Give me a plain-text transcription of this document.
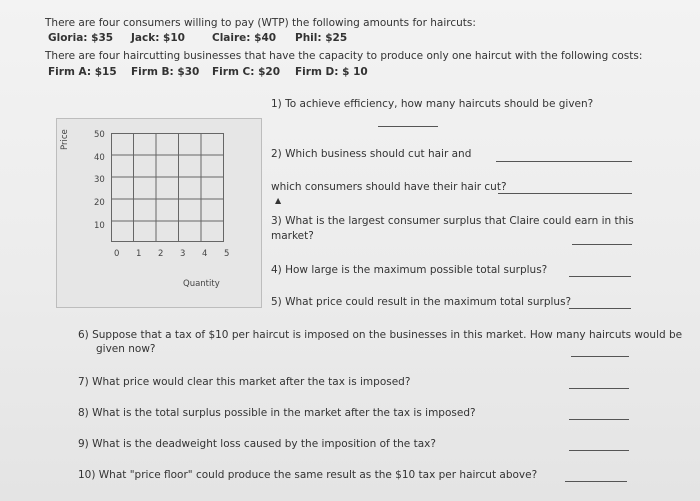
There are four consumers willing to pay (WTP) the following amounts for haircuts:
Gloria: $35 Jack: $10	Claire: $40 Phil: $25
There are four haircutting businesses that have the capacity to produce only one haircut with the following costs:
Firm A: $15 Firm B: $30 Firm C: $20 Firm D: $ 10
Price	50
40
30
20
10
0 1 2 3 4 5
Quantity
1) To achieve efficiency, how many haircuts should be given?
2) Which business should cut hair and
which consumers should have their hair cut?
▲
3) What is the largest consumer surplus that Claire could earn in this
market?
4) How large is the maximum possible total surplus?
5) What price could result in the maximum total surplus?
6) Suppose that a tax of $10 per haircut is imposed on the businesses in this market. How many haircuts would be
given now?
7) What price would clear this market after the tax is imposed?
8) What is the total surplus possible in the market after the tax is imposed?
9) What is the deadweight loss caused by the imposition of the tax?
10) What "price floor" could produce the same result as the $10 tax per haircut above?
